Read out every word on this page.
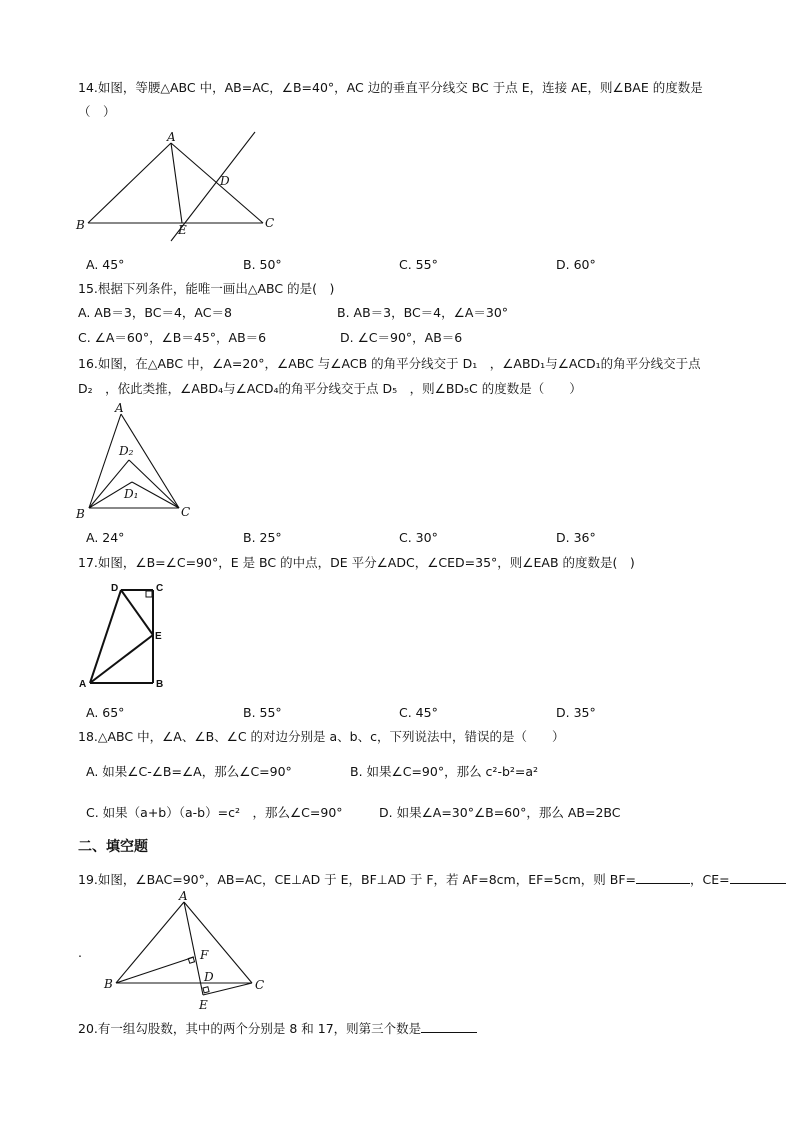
14.如图，等腰△ABC 中，AB=AC，∠B=40°，AC 边的垂直平分线交 BC 于点 E，连接 AE，则∠BAE 的度数是
（　）
A
B	C
D
E
A. 45°	B. 50°	C. 55°	D. 60°
15.根据下列条件，能唯一画出△ABC 的是(　)
A. AB＝3，BC＝4，AC＝8	B. AB＝3，BC＝4，∠A＝30°
C. ∠A＝60°，∠B＝45°，AB＝6	D. ∠C＝90°，AB＝6
16.如图，在△ABC 中，∠A=20°，∠ABC 与∠ACB 的角平分线交于 D₁　，∠ABD₁与∠ACD₁的角平分线交于点
D₂　，依此类推，∠ABD₄与∠ACD₄的角平分线交于点 D₅　，则∠BD₅C 的度数是（　　）
A
B	C
D₂
D₁
A. 24°	B. 25°	C. 30°	D. 36°
17.如图，∠B=∠C=90°，E 是 BC 的中点，DE 平分∠ADC，∠CED=35°，则∠EAB 的度数是(　)
D	C
E
A	B
A. 65°	B. 55°	C. 45°	D. 35°
18.△ABC 中，∠A、∠B、∠C 的对边分别是 a、b、c，下列说法中，错误的是（　　）
A. 如果∠C-∠B=∠A，那么∠C=90°	B. 如果∠C=90°，那么 c²-b²=a²
C. 如果（a+b）（a-b）=c²　，那么∠C=90°	D. 如果∠A=30°∠B=60°，那么 AB=2BC
二、填空题
19.如图，∠BAC=90°，AB=AC，CE⊥AD 于 E，BF⊥AD 于 F，若 AF=8cm，EF=5cm，则 BF=	，CE=
A
F
D
B
E
C
.
20.有一组勾股数，其中的两个分别是 8 和 17，则第三个数是
